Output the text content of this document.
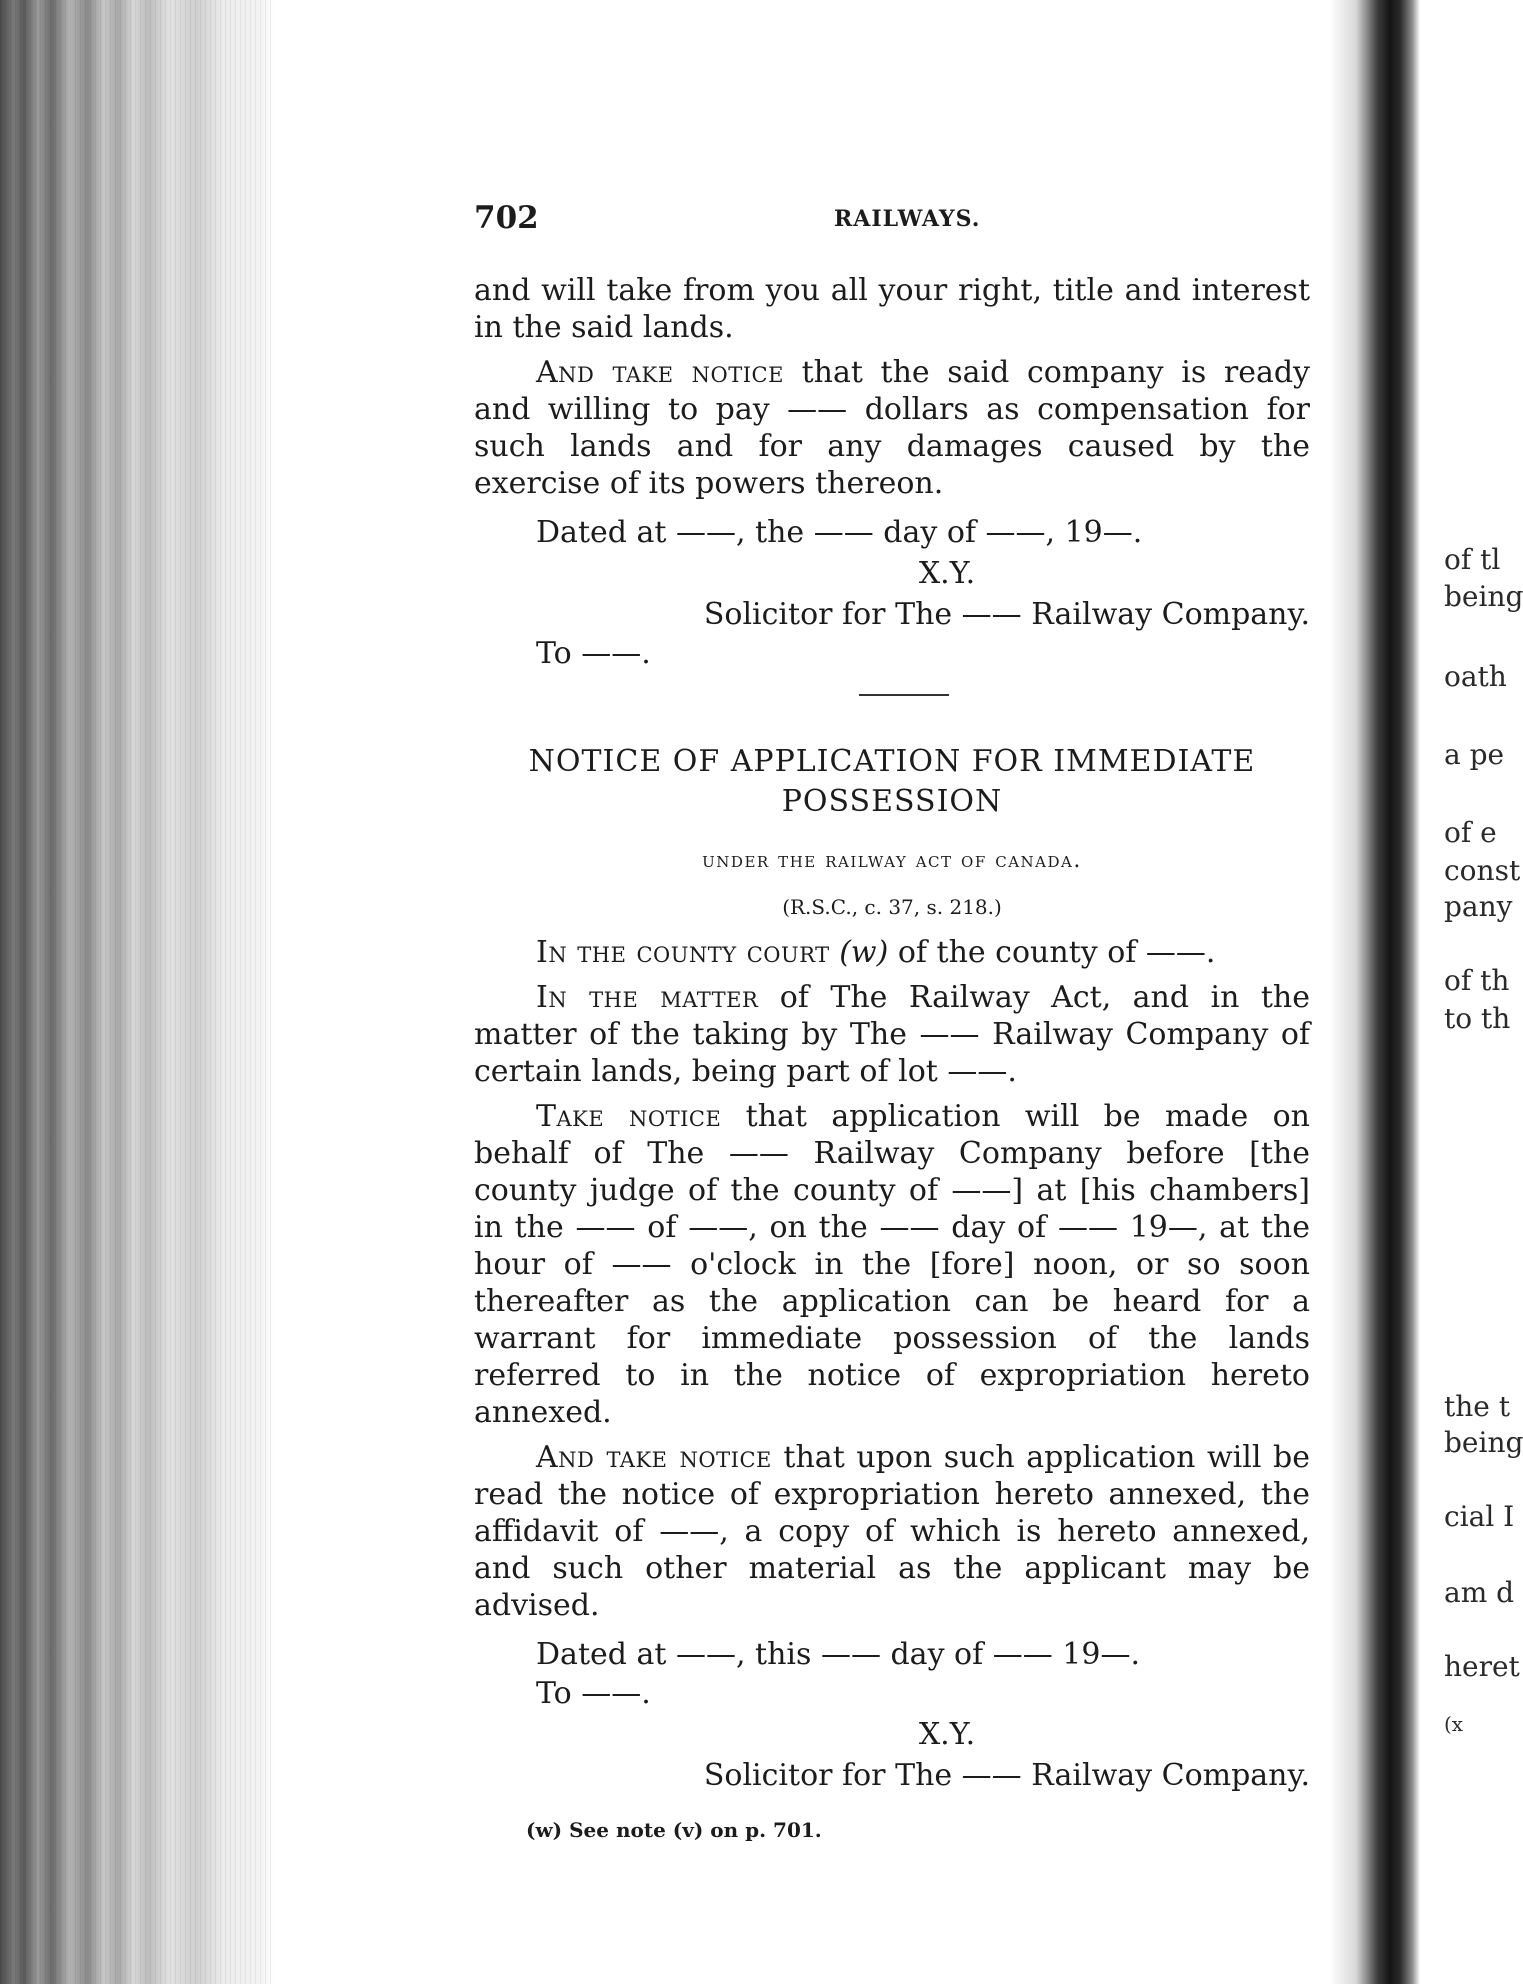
of tl
being
oath
a pe
of e
const
pany
of th
to th
the t
being
cial I
am d
heret
(x
702	RAILWAYS.

and will take from you all your right, title and interest in the said lands.

And take notice that the said company is ready and willing to pay —— dollars as compensation for such lands and for any damages caused by the exercise of its powers thereon.

Dated at ——, the —— day of ——, 19—.

X.Y.

Solicitor for The —— Railway Company.

To ——.

NOTICE OF APPLICATION FOR IMMEDIATE POSSESSION

under the railway act of canada.

(R.S.C., c. 37, s. 218.)

In the county court (w) of the county of ——.

In the matter of The Railway Act, and in the matter of the taking by The —— Railway Company of certain lands, being part of lot ——.

Take notice that application will be made on behalf of The —— Railway Company before [the county judge of the county of ——] at [his chambers] in the —— of ——, on the —— day of —— 19—, at the hour of —— o'clock in the [fore] noon, or so soon thereafter as the application can be heard for a warrant for immediate possession of the lands referred to in the notice of expropriation hereto annexed.

And take notice that upon such application will be read the notice of expropriation hereto annexed, the affidavit of ——, a copy of which is hereto annexed, and such other material as the applicant may be advised.

Dated at ——, this —— day of —— 19—.

To ——.

X.Y.

Solicitor for The —— Railway Company.

(w) See note (v) on p. 701.
